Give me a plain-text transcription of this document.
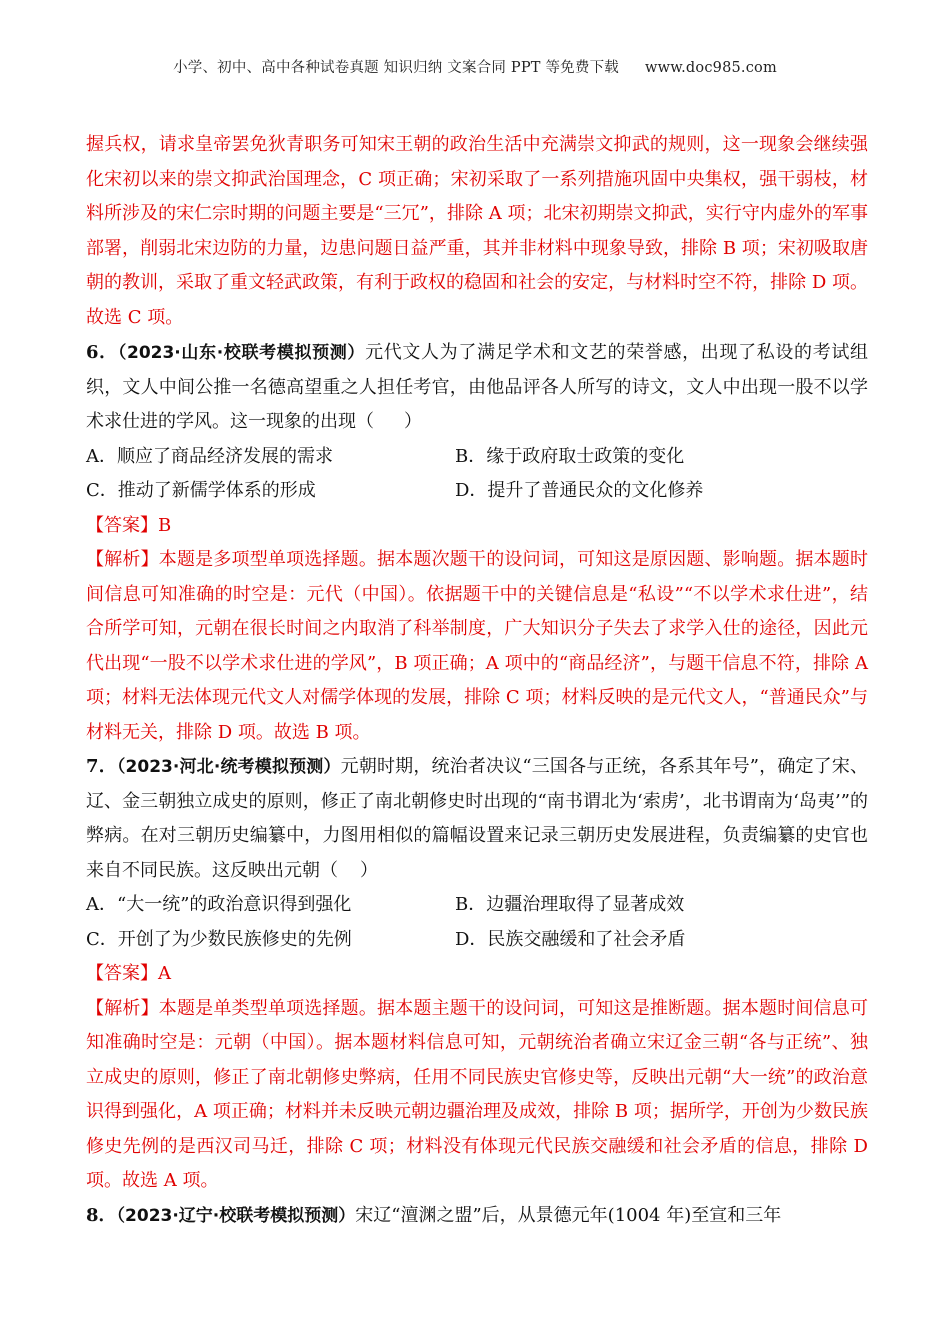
小学、初中、高中各种试卷真题 知识归纳 文案合同 PPT 等免费下载 www.doc985.com

握兵权，请求皇帝罢免狄青职务可知宋王朝的政治生活中充满崇文抑武的规则，这一现象会继续强化宋初以来的崇文抑武治国理念，C 项正确；宋初采取了一系列措施巩固中央集权，强干弱枝，材料所涉及的宋仁宗时期的问题主要是“三冗”，排除 A 项；北宋初期崇文抑武，实行守内虚外的军事部署，削弱北宋边防的力量，边患问题日益严重，其并非材料中现象导致，排除 B 项；宋初吸取唐朝的教训，采取了重文轻武政策，有利于政权的稳固和社会的安定，与材料时空不符，排除 D 项。故选 C 项。

6．（2023·山东·校联考模拟预测）元代文人为了满足学术和文艺的荣誉感，出现了私设的考试组织，文人中间公推一名德高望重之人担任考官，由他品评各人所写的诗文，文人中出现一股不以学术求仕进的学风。这一现象的出现（ ）

A．顺应了商品经济发展的需求	B．缘于政府取士政策的变化
C．推动了新儒学体系的形成	D．提升了普通民众的文化修养

【答案】B

【解析】本题是多项型单项选择题。据本题次题干的设问词，可知这是原因题、影响题。据本题时间信息可知准确的时空是：元代（中国）。依据题干中的关键信息是“私设”“不以学术求仕进”，结合所学可知，元朝在很长时间之内取消了科举制度，广大知识分子失去了求学入仕的途径，因此元代出现“一股不以学术求仕进的学风”，B 项正确；A 项中的“商品经济”，与题干信息不符，排除 A 项；材料无法体现元代文人对儒学体现的发展，排除 C 项；材料反映的是元代文人，“普通民众”与材料无关，排除 D 项。故选 B 项。

7．（2023·河北·统考模拟预测）元朝时期，统治者决议“三国各与正统，各系其年号”，确定了宋、辽、金三朝独立成史的原则，修正了南北朝修史时出现的“南书谓北为‘索虏’，北书谓南为‘岛夷’”的弊病。在对三朝历史编纂中，力图用相似的篇幅设置来记录三朝历史发展进程，负责编纂的史官也来自不同民族。这反映出元朝（ ）

A．“大一统”的政治意识得到强化	B．边疆治理取得了显著成效
C．开创了为少数民族修史的先例	D．民族交融缓和了社会矛盾

【答案】A

【解析】本题是单类型单项选择题。据本题主题干的设问词，可知这是推断题。据本题时间信息可知准确时空是：元朝（中国）。据本题材料信息可知，元朝统治者确立宋辽金三朝“各与正统”、独立成史的原则，修正了南北朝修史弊病，任用不同民族史官修史等，反映出元朝“大一统”的政治意识得到强化，A 项正确；材料并未反映元朝边疆治理及成效，排除 B 项；据所学，开创为少数民族修史先例的是西汉司马迁，排除 C 项；材料没有体现元代民族交融缓和社会矛盾的信息，排除 D 项。故选 A 项。

8．（2023·辽宁·校联考模拟预测）宋辽“澶渊之盟”后，从景德元年(1004 年)至宣和三年
